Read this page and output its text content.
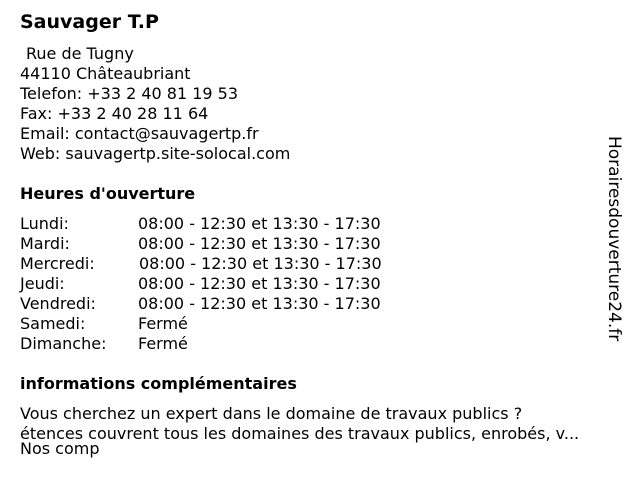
Sauvager T.P
Rue de Tugny
44110 Châteaubriant
Telefon: +33 2 40 81 19 53
Fax: +33 2 40 28 11 64
Email: contact@sauvagertp.fr
Web: sauvagertp.site-solocal.com
Heures d'ouverture
Lundi:	08:00 - 12:30 et 13:30 - 17:30
Mardi:	08:00 - 12:30 et 13:30 - 17:30
Mercredi:	08:00 - 12:30 et 13:30 - 17:30
Jeudi:	08:00 - 12:30 et 13:30 - 17:30
Vendredi:	08:00 - 12:30 et 13:30 - 17:30
Samedi:	Fermé
Dimanche: Fermé
informations complémentaires
Vous cherchez un expert dans le domaine de travaux publics ?
étences couvrent tous les domaines des travaux publics, enrobés, v...
Nos comp
Horairesdouverture24.fr
